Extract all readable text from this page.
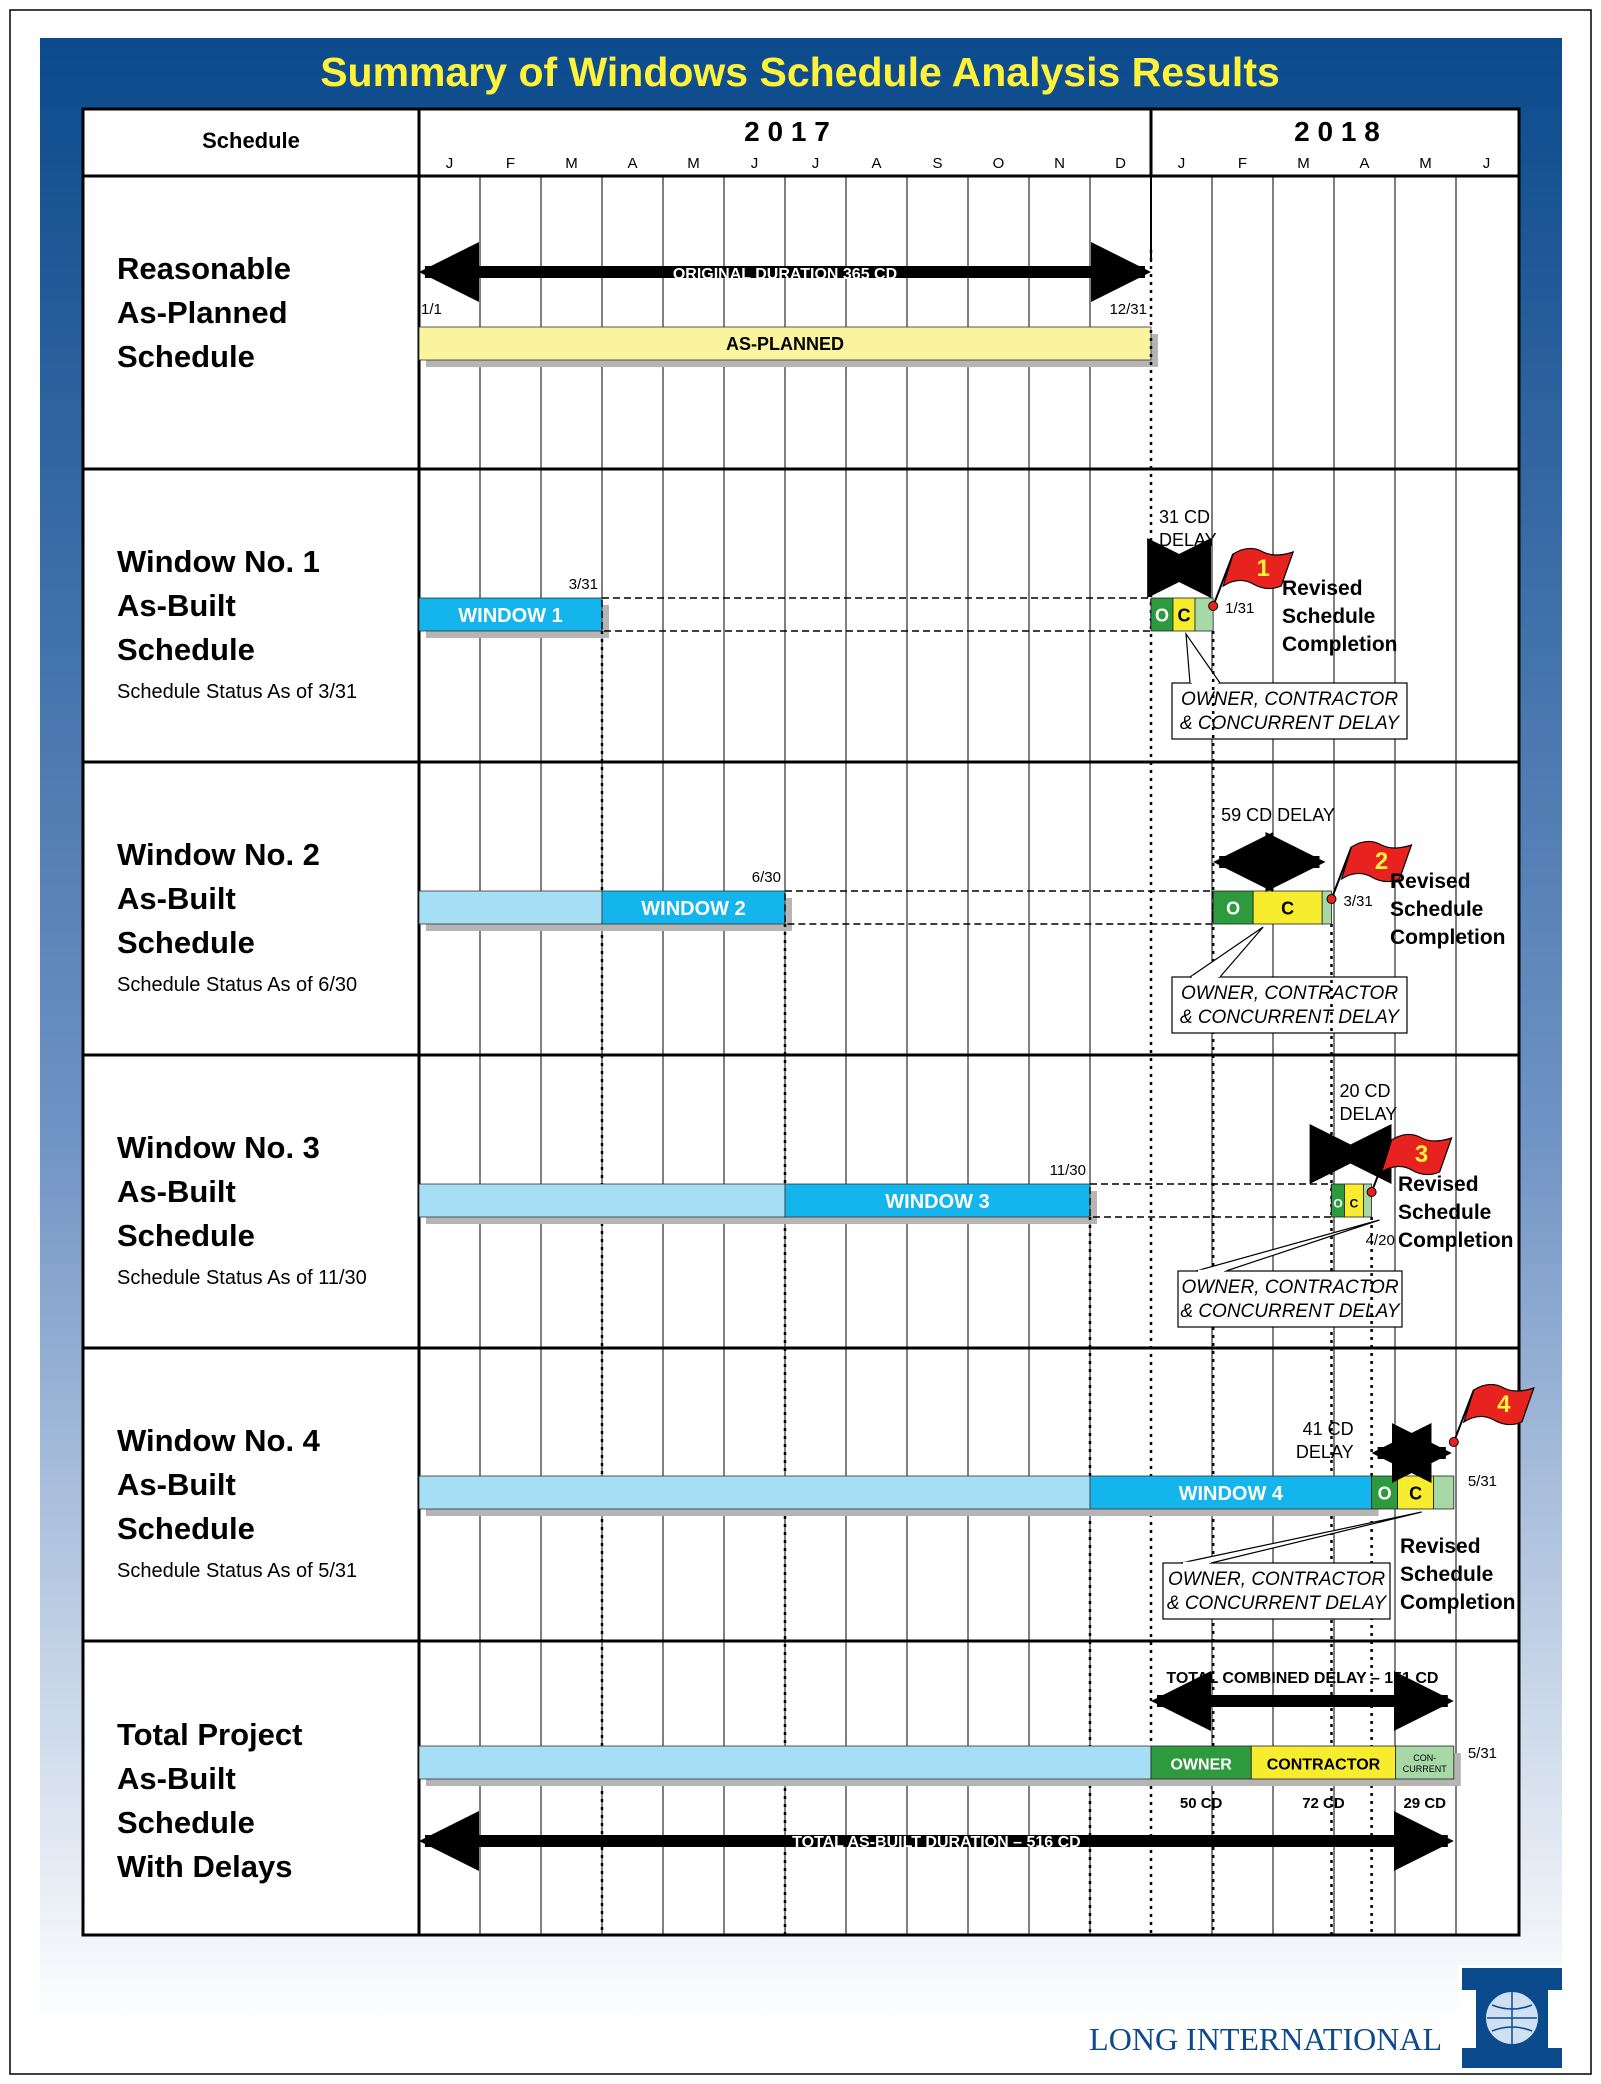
Summary of Windows Schedule Analysis Results
Schedule	2 0 1 7	2 0 1 8
J	F	M	A	M	J	J	A	S	O	N	D	J	F	M	A	M	J
Reasonable
As-Planned
Schedule
Window No. 1
As-Built
Schedule
Schedule Status As of 3/31
Window No. 2
As-Built
Schedule
Schedule Status As of 6/30
Window No. 3
As-Built
Schedule
Schedule Status As of 11/30
Window No. 4
As-Built
Schedule
Schedule Status As of 5/31
Total Project
As-Built
Schedule
With Delays
ORIGINAL DURATION 365 CD
1/1	12/31
AS-PLANNED
WINDOW 1
3/31
O C
31 CD
DELAY
1
1/31
Revised
Schedule
Completion
OWNER, CONTRACTOR
& CONCURRENT DELAY
WINDOW 2
6/30
O C
59 CD DELAY
2
3/31
Revised
Schedule
Completion
OWNER, CONTRACTOR
& CONCURRENT DELAY
WINDOW 3
11/30
O C
20 CD
DELAY
3
4/20
Revised
Schedule
Completion
OWNER, CONTRACTOR
& CONCURRENT DELAY
WINDOW 4	O C
41 CD
DELAY
4
5/31
Revised
Schedule
Completion
OWNER, CONTRACTOR
& CONCURRENT DELAY
OWNER CONTRACTOR	CON-
CURRENT
TOTAL COMBINED DELAY – 151 CD
50 CD	72 CD	29 CD
5/31
TOTAL AS-BUILT DURATION – 516 CD
LONG INTERNATIONAL
